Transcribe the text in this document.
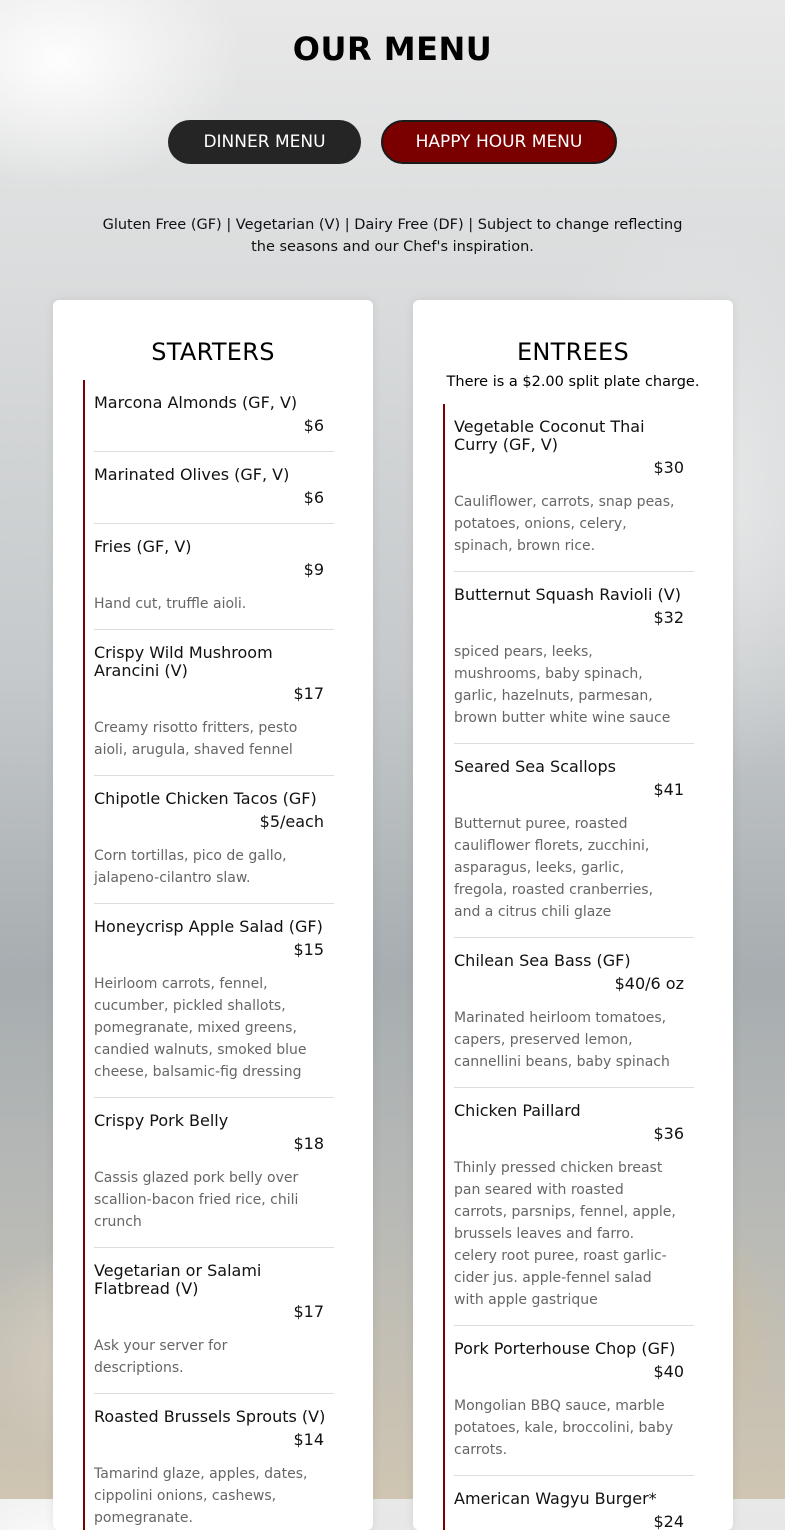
OUR MENU
DINNER MENU	HAPPY HOUR MENU
Gluten Free (GF) | Vegetarian (V) | Dairy Free (DF) | Subject to change reflecting the seasons and our Chef's inspiration.
STARTERS
Marcona Almonds (GF, V)
$6
Marinated Olives (GF, V)
$6
Fries (GF, V)
$9
Hand cut, truffle aioli.
Crispy Wild Mushroom Arancini (V)
$17
Creamy risotto fritters, pesto aioli, arugula, shaved fennel
Chipotle Chicken Tacos (GF)
$5/each
Corn tortillas, pico de gallo, jalapeno-cilantro slaw.
Honeycrisp Apple Salad (GF)
$15
Heirloom carrots, fennel, cucumber, pickled shallots, pomegranate, mixed greens, candied walnuts, smoked blue cheese, balsamic-fig dressing
Crispy Pork Belly
$18
Cassis glazed pork belly over scallion-bacon fried rice, chili crunch
Vegetarian or Salami Flatbread (V)
$17
Ask your server for descriptions.
Roasted Brussels Sprouts (V)
$14
Tamarind glaze, apples, dates, cippolini onions, cashews, pomegranate.
ENTREES
There is a $2.00 split plate charge.
Vegetable Coconut Thai Curry (GF, V)
$30
Cauliflower, carrots, snap peas, potatoes, onions, celery, spinach, brown rice.
Butternut Squash Ravioli (V)
$32
spiced pears, leeks, mushrooms, baby spinach, garlic, hazelnuts, parmesan, brown butter white wine sauce
Seared Sea Scallops
$41
Butternut puree, roasted cauliflower florets, zucchini, asparagus, leeks, garlic, fregola, roasted cranberries, and a citrus chili glaze
Chilean Sea Bass (GF)
$40/6 oz
Marinated heirloom tomatoes, capers, preserved lemon, cannellini beans, baby spinach
Chicken Paillard
$36
Thinly pressed chicken breast pan seared with roasted carrots, parsnips, fennel, apple, brussels leaves and farro. celery root puree, roast garlic-cider jus. apple-fennel salad with apple gastrique
Pork Porterhouse Chop (GF)
$40
Mongolian BBQ sauce, marble potatoes, kale, broccolini, baby carrots.
American Wagyu Burger*
$24
